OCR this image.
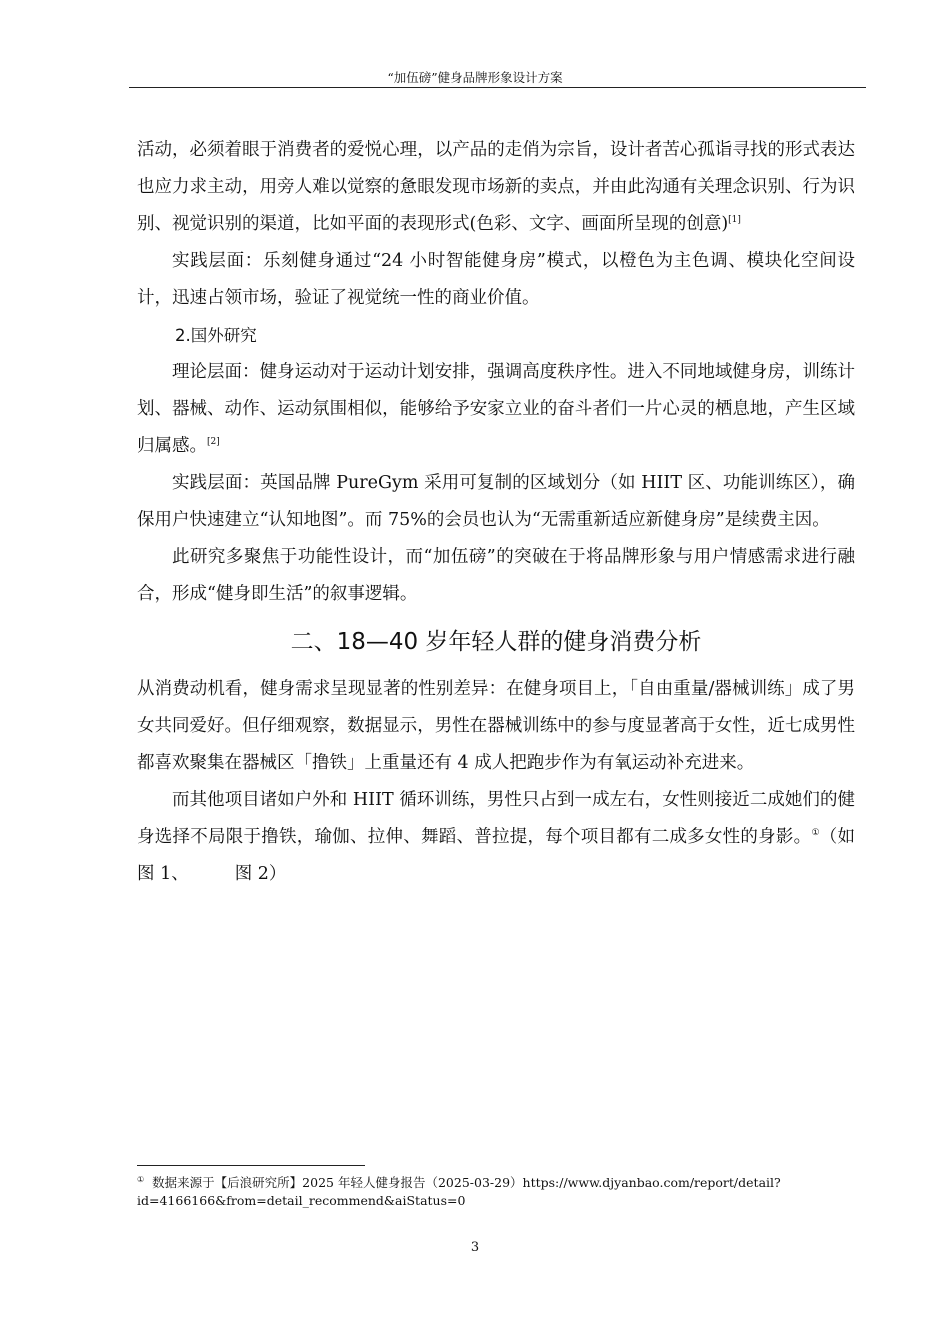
“加伍磅”健身品牌形象设计方案

活动，必须着眼于消费者的爱悦心理，以产品的走俏为宗旨，设计者苦心孤诣寻找的形式表达也应力求主动，用旁人难以觉察的惫眼发现市场新的卖点，并由此沟通有关理念识别、行为识别、视觉识别的渠道，比如平面的表现形式(色彩、文字、画面所呈现的创意)[1]

实践层面：乐刻健身通过“24 小时智能健身房”模式，以橙色为主色调、模块化空间设计，迅速占领市场，验证了视觉统一性的商业价值。

2.国外研究

理论层面：健身运动对于运动计划安排，强调高度秩序性。进入不同地域健身房，训练计划、器械、动作、运动氛围相似，能够给予安家立业的奋斗者们一片心灵的栖息地，产生区域归属感。[2]

实践层面：英国品牌 PureGym 采用可复制的区域划分（如 HIIT 区、功能训练区），确保用户快速建立“认知地图”。而 75%的会员也认为“无需重新适应新健身房”是续费主因。

此研究多聚焦于功能性设计，而“加伍磅”的突破在于将品牌形象与用户情感需求进行融合，形成“健身即生活”的叙事逻辑。

二、18—40 岁年轻人群的健身消费分析

从消费动机看，健身需求呈现显著的性别差异：在健身项目上，「自由重量/器械训练」成了男女共同爱好。但仔细观察，数据显示，男性在器械训练中的参与度显著高于女性，近七成男性都喜欢聚集在器械区「撸铁」上重量还有 4 成人把跑步作为有氧运动补充进来。

而其他项目诸如户外和 HIIT 循环训练，男性只占到一成左右，女性则接近二成她们的健身选择不局限于撸铁，瑜伽、拉伸、舞蹈、普拉提，每个项目都有二成多女性的身影。①（如图 1、	图 2）

① 数据来源于【后浪研究所】2025 年轻人健身报告（2025-03-29）https://www.djyanbao.com/report/detail?id=4166166&from=detail_recommend&aiStatus=0
3
